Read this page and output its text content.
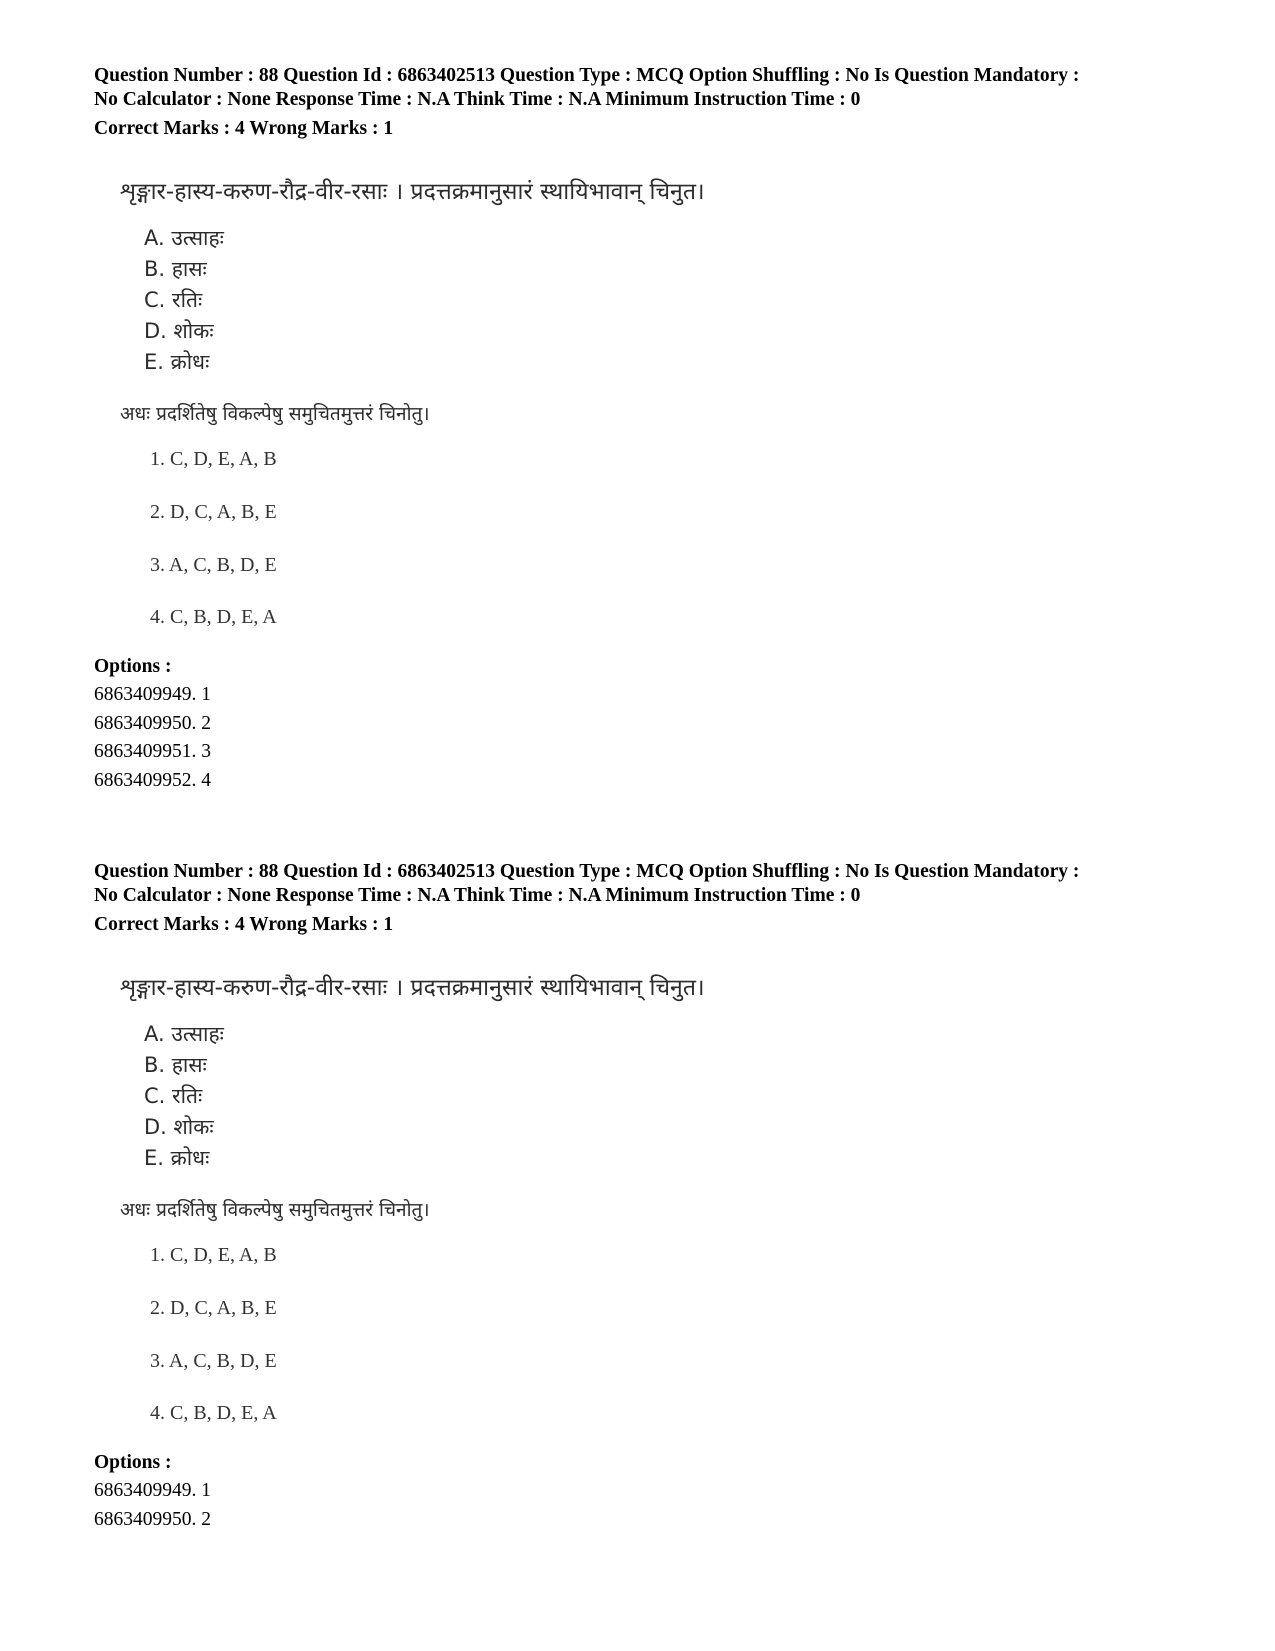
Question Number : 88 Question Id : 6863402513 Question Type : MCQ Option Shuffling : No Is Question Mandatory :
No Calculator : None Response Time : N.A Think Time : N.A Minimum Instruction Time : 0
Correct Marks : 4 Wrong Marks : 1
शृङ्गार-हास्य-करुण-रौद्र-वीर-रसाः । प्रदत्तक्रमानुसारं स्थायिभावान् चिनुत।
A. उत्साहः
B. हासः
C. रतिः
D. शोकः
E. क्रोधः
अधः प्रदर्शितेषु विकल्पेषु समुचितमुत्तरं चिनोतु।
1. C, D, E, A, B
2. D, C, A, B, E
3. A, C, B, D, E
4. C, B, D, E, A
Options :
6863409949. 1
6863409950. 2
6863409951. 3
6863409952. 4
Question Number : 88 Question Id : 6863402513 Question Type : MCQ Option Shuffling : No Is Question Mandatory :
No Calculator : None Response Time : N.A Think Time : N.A Minimum Instruction Time : 0
Correct Marks : 4 Wrong Marks : 1
शृङ्गार-हास्य-करुण-रौद्र-वीर-रसाः । प्रदत्तक्रमानुसारं स्थायिभावान् चिनुत।
A. उत्साहः
B. हासः
C. रतिः
D. शोकः
E. क्रोधः
अधः प्रदर्शितेषु विकल्पेषु समुचितमुत्तरं चिनोतु।
1. C, D, E, A, B
2. D, C, A, B, E
3. A, C, B, D, E
4. C, B, D, E, A
Options :
6863409949. 1
6863409950. 2
